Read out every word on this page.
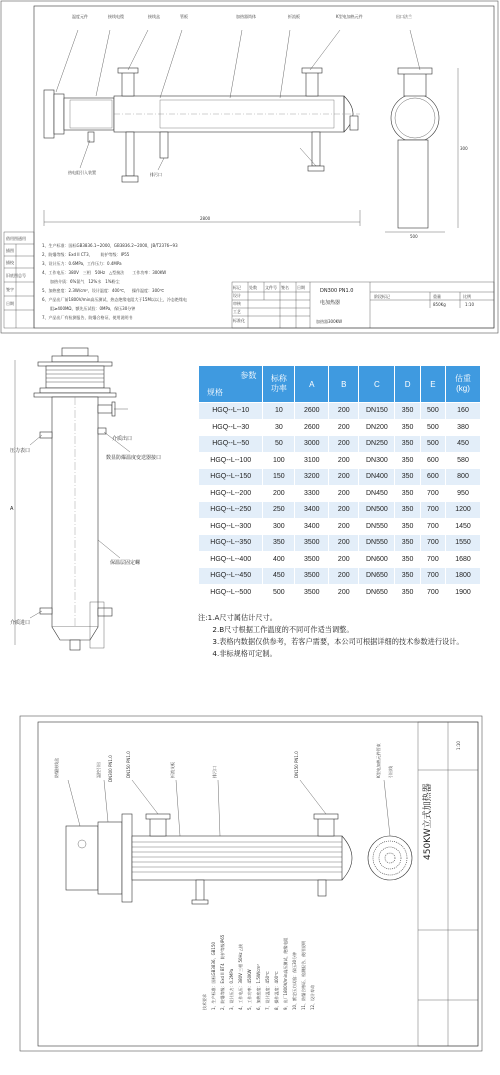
借用图通用
描图
描校
旧底图总号
签字
日期
2800
500
300
温度元件	接线电缆	接线盒	管板	加热器筒体	折流板	K型电加热元件	出口法兰
热电阻引入装置	排污口
1、生产标准：国标GB3836.1~2000，GB3836.2~2000，JB/T2376~93
2、防爆等级：Exd II CT3，　　防护等级：IP55
3、设计压力：0.6MPa，工作压力：0.4MPa
4、工作电压：380V　三相　50Hz　△型接法　　工作功率：300KW
　　加热介质：6%氮气　12%水　1%粉尘
5、加热密度：2.3W/cm²，设计温度：400℃，　操作温度：300℃
6、产品出厂前1800V/min高压测试，热态绝缘电阻大于15M以以上，冷态绝缘电
　　阻≥400MΩ，额先压试验：0MPa，保压30分钟
7、产品出厂有检测报告，防爆合格证，使用说明书
标记 处数 文件号 签名 日期
设计
审核
工艺
标准化
DN300 PN1.0
电加热器
加热器300KW
阶段标记	重量	比例
850Kg	1:10
A
介质出口
数显防爆温度变送器接口
压力表口
保温层固定螺
介质进口
参数
规格	标称
功率	A	B	C	D	E	估重
(kg)
HGQ--L--10	10	2600	200	DN150	350	500	160
HGQ--L--30	30	2600	200	DN200	350	500	380
HGQ--L--50	50	3000	200	DN250	350	500	450
HGQ--L--100	100	3100	200	DN300	350	600	580
HGQ--L--150	150	3200	200	DN400	350	600	800
HGQ--L--200	200	3300	200	DN450	350	700	950
HGQ--L--250	250	3400	200	DN500	350	700	1200
HGQ--L--300	300	3400	200	DN550	350	700	1450
HGQ--L--350	350	3500	200	DN550	350	700	1550
HGQ--L--400	400	3500	200	DN600	350	700	1680
HGQ--L--450	450	3500	200	DN650	350	700	1800
HGQ--L--500	500	3500	200	DN650	350	700	1900
注:1.A尺寸属估计尺寸。
　　2.B尺寸根据工作温度的不同可作适当调整。
　　3.表格内数据仅供参考，若客户需要，本公司可根据详细的技术参数进行设计。
　　4.非标规格可定制。
450KW立式加热器
1:10
防爆接线盒	温控引出 DN300 PN1.0	DN150 PN1.0	折流支板	排污口	DN150 PN1.0	K型电加热元件管束 引出线
技术要求 1、生产标准：国标GB3836、GB150 2、防爆等级：Exd II BT4　防护等级IP65 3、设计压力：0.2MPa 4、工作电压：380V 三相 50Hz △接 5、工作功率：450KW 6、加热密度：1.5W/cm² 7、设计温度：450℃ 8、操作温度：400℃ 9、出厂1800V/min高压测试，绝缘电阻 10、额定压力试验：保压30分钟 11、防爆合格证、检测报告、使用说明 12、设计寿命
